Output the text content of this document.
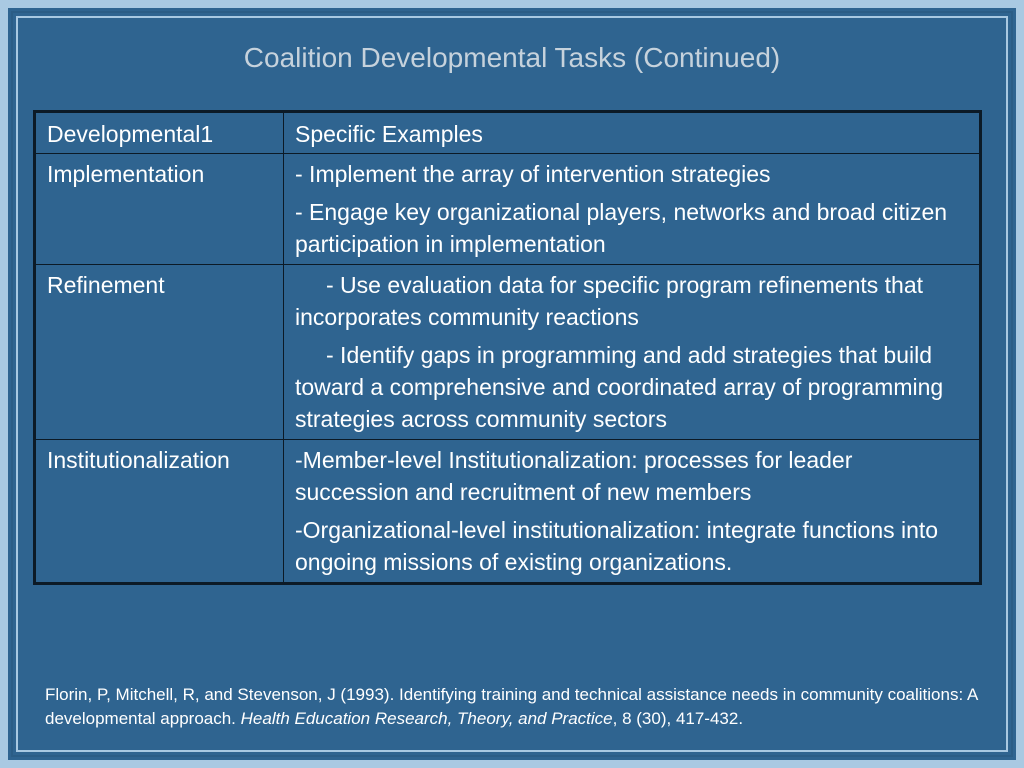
Coalition Developmental Tasks (Continued)
Developmental1	Specific Examples
Implementation	- Implement the array of intervention strategies

- Engage key organizational players, networks and broad citizen participation in implementation

Refinement	- Use evaluation data for specific program refinements that incorporates community reactions

- Identify gaps in programming and add strategies that build toward a comprehensive and coordinated array of programming strategies across community sectors

Institutionalization	-Member-level Institutionalization: processes for leader succession and recruitment of new members

-Organizational-level institutionalization: integrate functions into ongoing missions of existing organizations.

Florin, P, Mitchell, R, and Stevenson, J (1993). Identifying training and technical assistance needs in community coalitions: A developmental approach. Health Education Research, Theory, and Practice, 8 (30), 417-432.
